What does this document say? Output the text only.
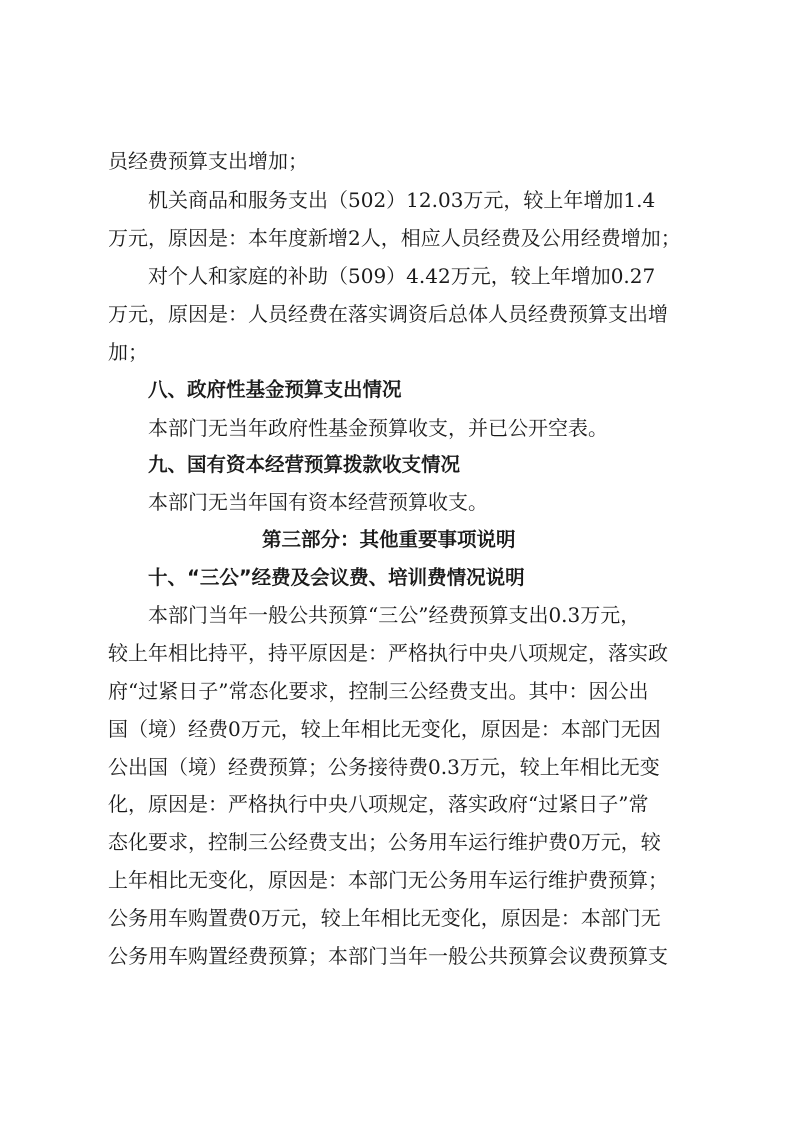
员经费预算支出增加；
机关商品和服务支出（502）12.03万元，较上年增加1.4
万元，原因是：本年度新增2人，相应人员经费及公用经费增加；
对个人和家庭的补助（509）4.42万元，较上年增加0.27
万元，原因是：人员经费在落实调资后总体人员经费预算支出增
加；
八、政府性基金预算支出情况
本部门无当年政府性基金预算收支，并已公开空表。
九、国有资本经营预算拨款收支情况
本部门无当年国有资本经营预算收支。
第三部分：其他重要事项说明
十、“三公”经费及会议费、培训费情况说明
本部门当年一般公共预算“三公”经费预算支出0.3万元，
较上年相比持平，持平原因是：严格执行中央八项规定，落实政
府“过紧日子”常态化要求，控制三公经费支出。其中：因公出
国（境）经费0万元，较上年相比无变化，原因是：本部门无因
公出国（境）经费预算；公务接待费0.3万元，较上年相比无变
化，原因是：严格执行中央八项规定，落实政府“过紧日子”常
态化要求，控制三公经费支出；公务用车运行维护费0万元，较
上年相比无变化，原因是：本部门无公务用车运行维护费预算；
公务用车购置费0万元，较上年相比无变化，原因是：本部门无
公务用车购置经费预算；本部门当年一般公共预算会议费预算支
